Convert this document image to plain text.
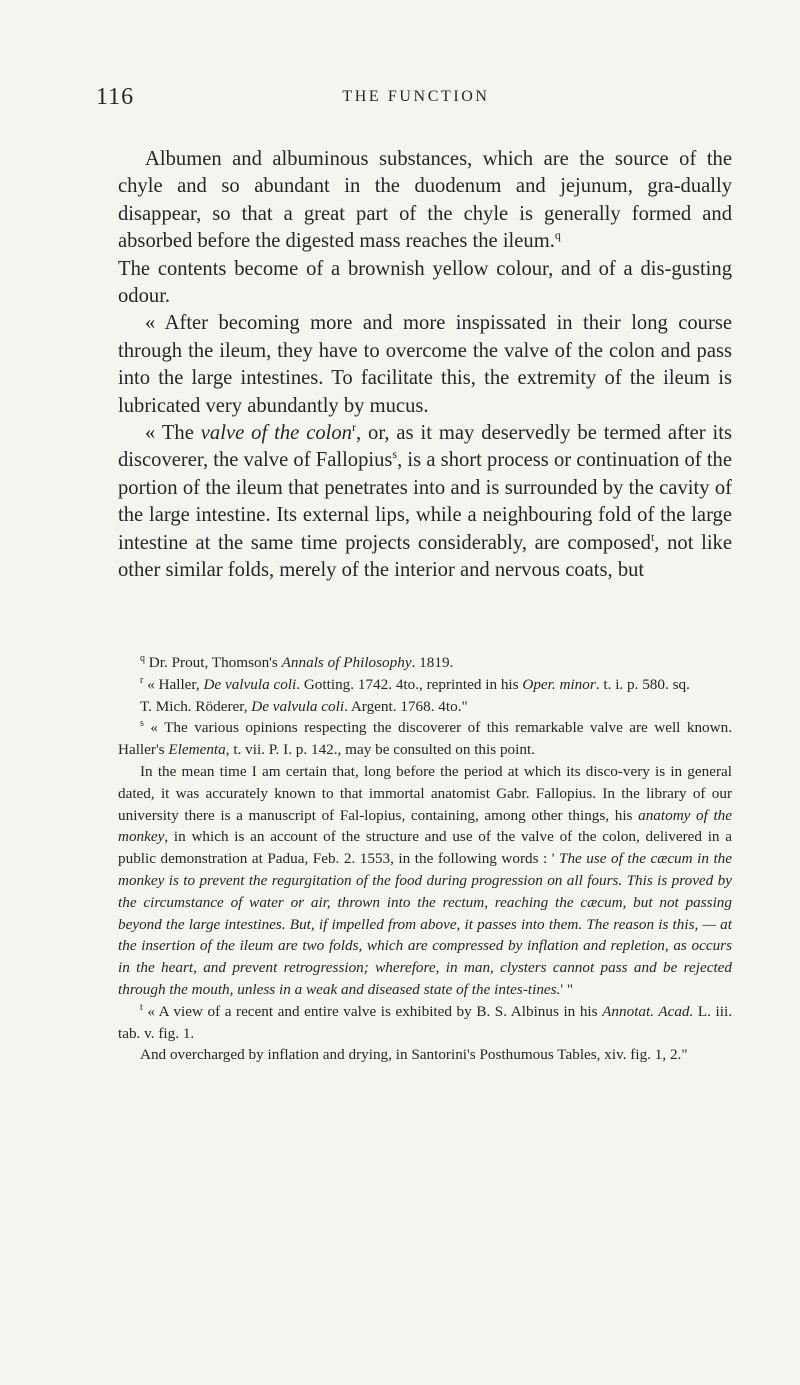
116	THE FUNCTION

Albumen and albuminous substances, which are the source of the chyle and so abundant in the duodenum and jejunum, gra-dually disappear, so that a great part of the chyle is generally formed and absorbed before the digested mass reaches the ileum.$^q$

The contents become of a brownish yellow colour, and of a dis-gusting odour.

« After becoming more and more inspissated in their long course through the ileum, they have to overcome the valve of the colon and pass into the large intestines. To facilitate this, the extremity of the ileum is lubricated very abundantly by mucus.

« The valve of the colon$^r$, or, as it may deservedly be termed after its discoverer, the valve of Fallopius$^s$, is a short process or continuation of the portion of the ileum that penetrates into and is surrounded by the cavity of the large intestine. Its external lips, while a neighbouring fold of the large intestine at the same time projects considerably, are composed$^t$, not like other similar folds, merely of the interior and nervous coats, but

$^q$ Dr. Prout, Thomson's Annals of Philosophy. 1819.

$^r$ « Haller, De valvula coli. Gotting. 1742. 4to., reprinted in his Oper. minor. t. i. p. 580. sq.

T. Mich. Röderer, De valvula coli. Argent. 1768. 4to."

$^s$ « The various opinions respecting the discoverer of this remarkable valve are well known. Haller's Elementa, t. vii. P. I. p. 142., may be consulted on this point.

In the mean time I am certain that, long before the period at which its disco-very is in general dated, it was accurately known to that immortal anatomist Gabr. Fallopius. In the library of our university there is a manuscript of Fal-lopius, containing, among other things, his anatomy of the monkey, in which is an account of the structure and use of the valve of the colon, delivered in a public demonstration at Padua, Feb. 2. 1553, in the following words : ' The use of the cæcum in the monkey is to prevent the regurgitation of the food during progression on all fours. This is proved by the circumstance of water or air, thrown into the rectum, reaching the cæcum, but not passing beyond the large intestines. But, if impelled from above, it passes into them. The reason is this, — at the insertion of the ileum are two folds, which are compressed by inflation and repletion, as occurs in the heart, and prevent retrogression; wherefore, in man, clysters cannot pass and be rejected through the mouth, unless in a weak and diseased state of the intes-tines.' "

$^t$ « A view of a recent and entire valve is exhibited by B. S. Albinus in his Annotat. Acad. L. iii. tab. v. fig. 1.

And overcharged by inflation and drying, in Santorini's Posthumous Tables, xiv. fig. 1, 2."
